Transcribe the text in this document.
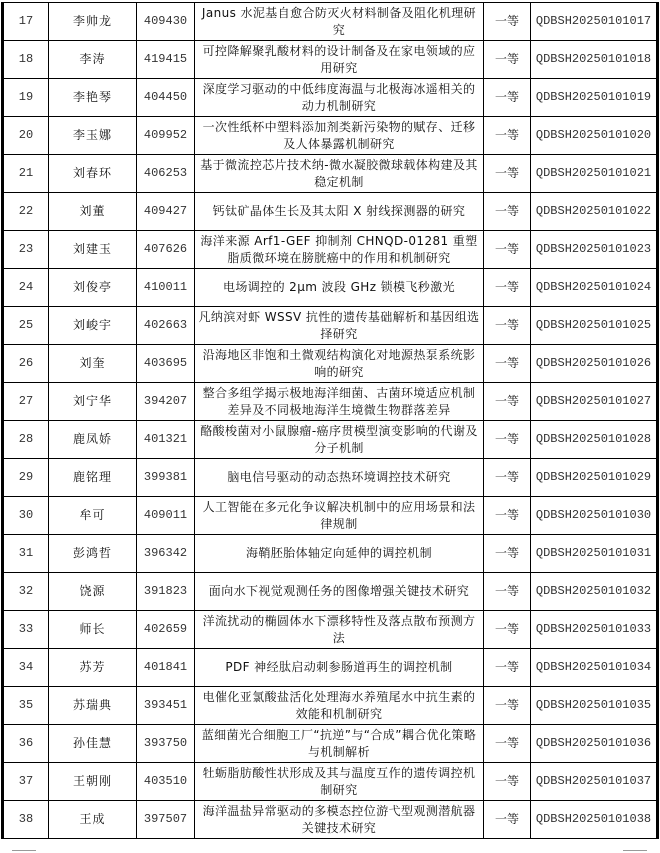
17	李帅龙	409430	Janus 水泥基自愈合防灭火材料制备及阻化机理研究	一等	QDBSH20250101017
18	李涛	419415	可控降解聚乳酸材料的设计制备及在家电领域的应用研究	一等	QDBSH20250101018
19	李艳琴	404450	深度学习驱动的中低纬度海温与北极海冰遥相关的动力机制研究	一等	QDBSH20250101019
20	李玉娜	409952	一次性纸杯中塑料添加剂类新污染物的赋存、迁移及人体暴露机制研究	一等	QDBSH20250101020
21	刘春环	406253	基于微流控芯片技术纳-微水凝胶微球载体构建及其稳定机制	一等	QDBSH20250101021
22	刘董	409427	钙钛矿晶体生长及其太阳 X 射线探测器的研究	一等	QDBSH20250101022
23	刘建玉	407626	海洋来源 Arf1-GEF 抑制剂 CHNQD-01281 重塑脂质微环境在膀胱癌中的作用和机制研究	一等	QDBSH20250101023
24	刘俊亭	410011	电场调控的 2μm 波段 GHz 锁模飞秒激光	一等	QDBSH20250101024
25	刘峻宇	402663	凡纳滨对虾 WSSV 抗性的遗传基础解析和基因组选择研究	一等	QDBSH20250101025
26	刘奎	403695	沿海地区非饱和土微观结构演化对地源热泵系统影响的研究	一等	QDBSH20250101026
27	刘宁华	394207	整合多组学揭示极地海洋细菌、古菌环境适应机制差异及不同极地海洋生境微生物群落差异	一等	QDBSH20250101027
28	鹿凤娇	401321	酪酸梭菌对小鼠腺瘤-癌序贯模型演变影响的代谢及分子机制	一等	QDBSH20250101028
29	鹿铭理	399381	脑电信号驱动的动态热环境调控技术研究	一等	QDBSH20250101029
30	牟可	409011	人工智能在多元化争议解决机制中的应用场景和法律规制	一等	QDBSH20250101030
31	彭鸿哲	396342	海鞘胚胎体轴定向延伸的调控机制	一等	QDBSH20250101031
32	饶源	391823	面向水下视觉观测任务的图像增强关键技术研究	一等	QDBSH20250101032
33	师长	402659	洋流扰动的椭圆体水下漂移特性及落点散布预测方法	一等	QDBSH20250101033
34	苏芳	401841	PDF 神经肽启动刺参肠道再生的调控机制	一等	QDBSH20250101034
35	苏瑞典	393451	电催化亚氯酸盐活化处理海水养殖尾水中抗生素的效能和机制研究	一等	QDBSH20250101035
36	孙佳慧	393750	蓝细菌光合细胞工厂“抗逆”与“合成”耦合优化策略与机制解析	一等	QDBSH20250101036
37	王朝刚	403510	牡蛎脂肪酸性状形成及其与温度互作的遗传调控机制研究	一等	QDBSH20250101037
38	王成	397507	海洋温盐异常驱动的多模态控位游弋型观测潜航器关键技术研究	一等	QDBSH20250101038
